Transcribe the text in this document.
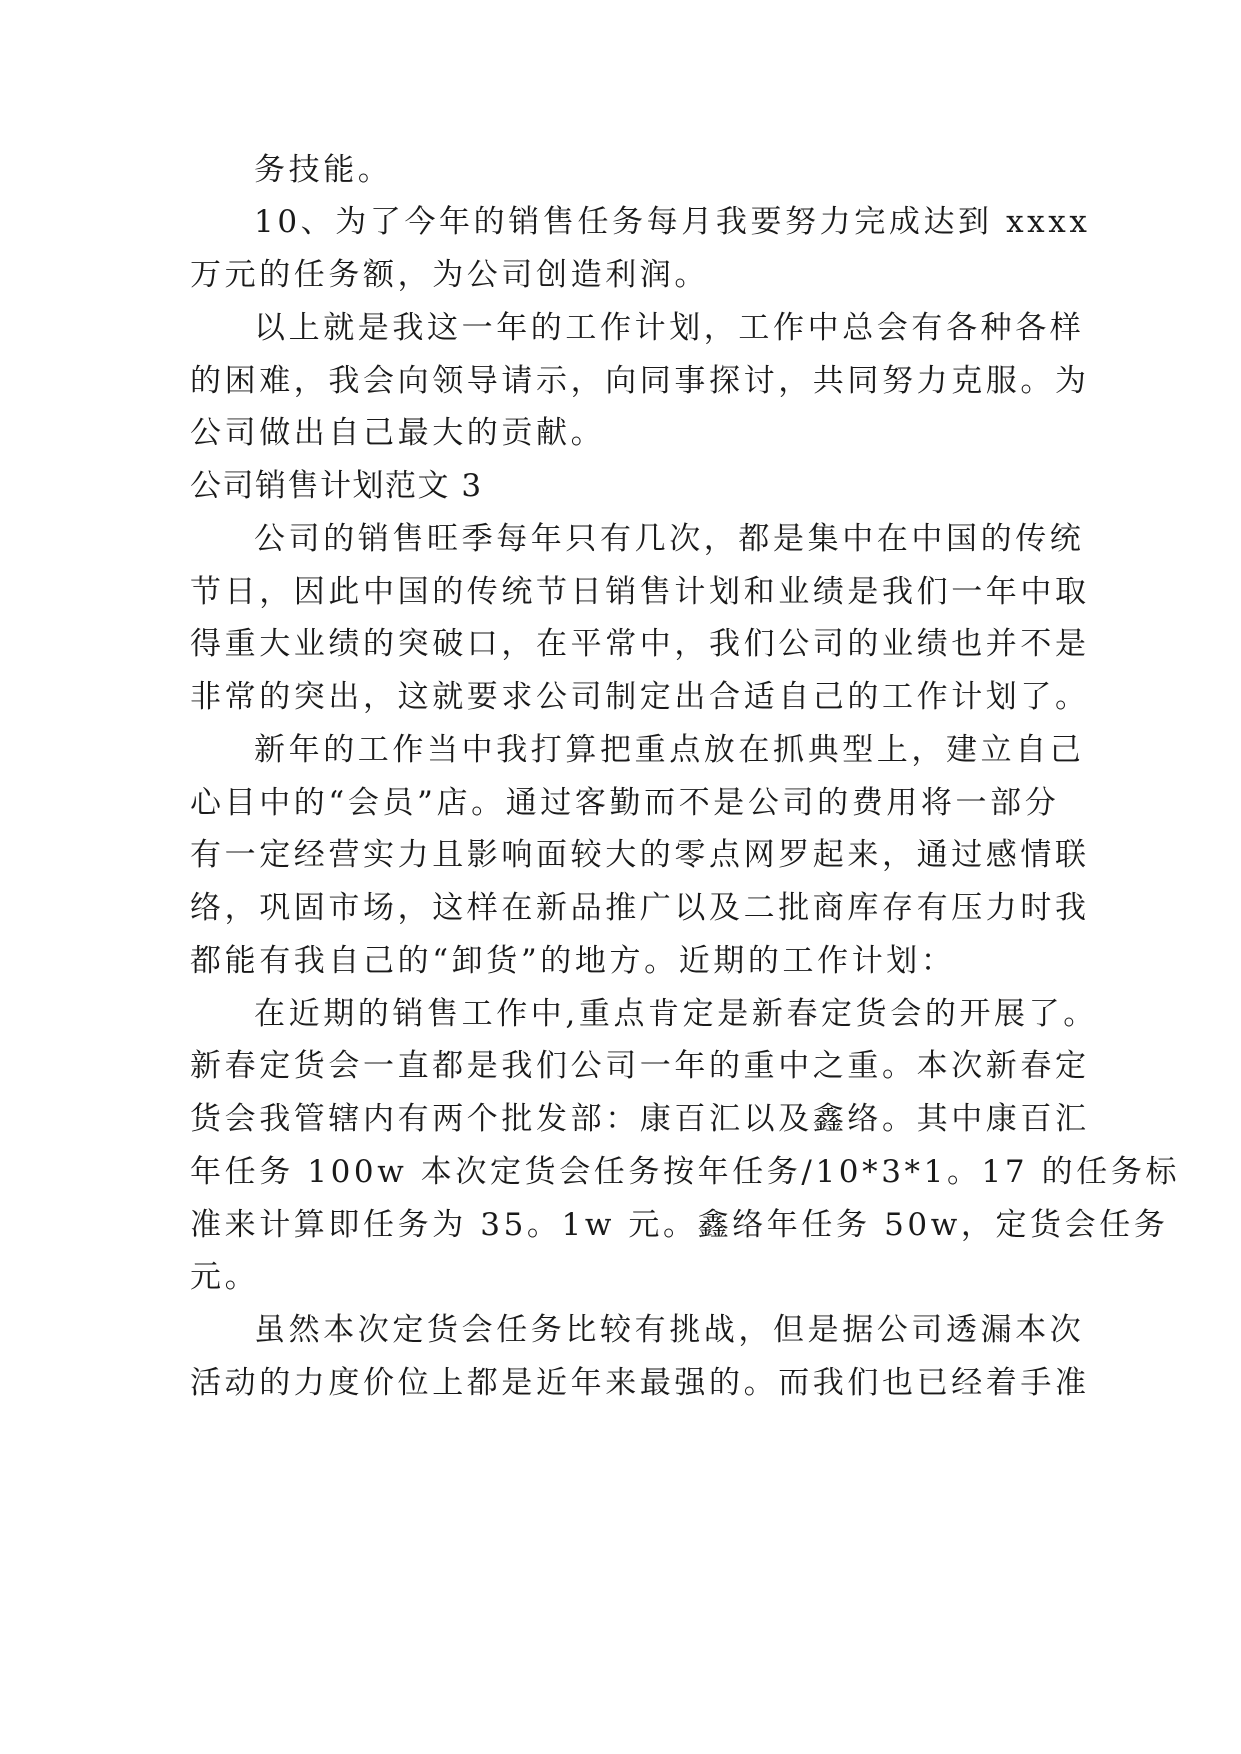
务技能。
10、为了今年的销售任务每月我要努力完成达到 xxxx
万元的任务额，为公司创造利润。
以上就是我这一年的工作计划，工作中总会有各种各样
的困难，我会向领导请示，向同事探讨，共同努力克服。为
公司做出自己最大的贡献。
公司销售计划范文 3
公司的销售旺季每年只有几次，都是集中在中国的传统
节日，因此中国的传统节日销售计划和业绩是我们一年中取
得重大业绩的突破口，在平常中，我们公司的业绩也并不是
非常的突出，这就要求公司制定出合适自己的工作计划了。
新年的工作当中我打算把重点放在抓典型上，建立自己
心目中的“会员”店。通过客勤而不是公司的费用将一部分
有一定经营实力且影响面较大的零点网罗起来，通过感情联
络，巩固市场，这样在新品推广以及二批商库存有压力时我
都能有我自己的“卸货”的地方。近期的工作计划：
在近期的销售工作中,重点肯定是新春定货会的开展了。
新春定货会一直都是我们公司一年的重中之重。本次新春定
货会我管辖内有两个批发部：康百汇以及鑫络。其中康百汇
年任务 100w 本次定货会任务按年任务/10*3*1。17 的任务标
准来计算即任务为 35。1w 元。鑫络年任务 50w，定货会任务
元。
虽然本次定货会任务比较有挑战，但是据公司透漏本次
活动的力度价位上都是近年来最强的。而我们也已经着手准
